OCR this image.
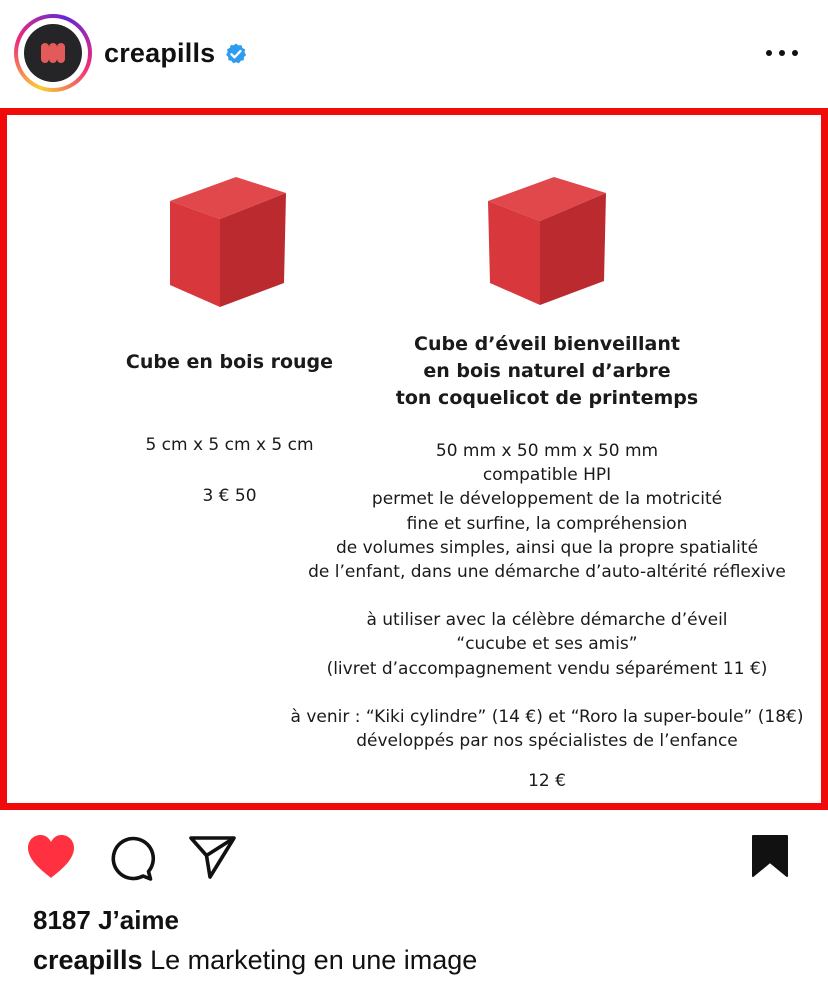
creapills
Cube en bois rouge
Cube d’éveil bienveillant
en bois naturel d’arbre
ton coquelicot de printemps
5 cm x 5 cm x 5 cm
3 € 50
50 mm x 50 mm x 50 mm
compatible HPI
permet le développement de la motricité
fine et surfine, la compréhension
de volumes simples, ainsi que la propre spatialité
de l’enfant, dans une démarche d’auto-altérité réflexive
à utiliser avec la célèbre démarche d’éveil
“cucube et ses amis”
(livret d’accompagnement vendu séparément 11 €)
à venir : “Kiki cylindre” (14 €) et “Roro la super-boule” (18€)
développés par nos spécialistes de l’enfance
12 €
8187 J’aime
creapills Le marketing en une image
